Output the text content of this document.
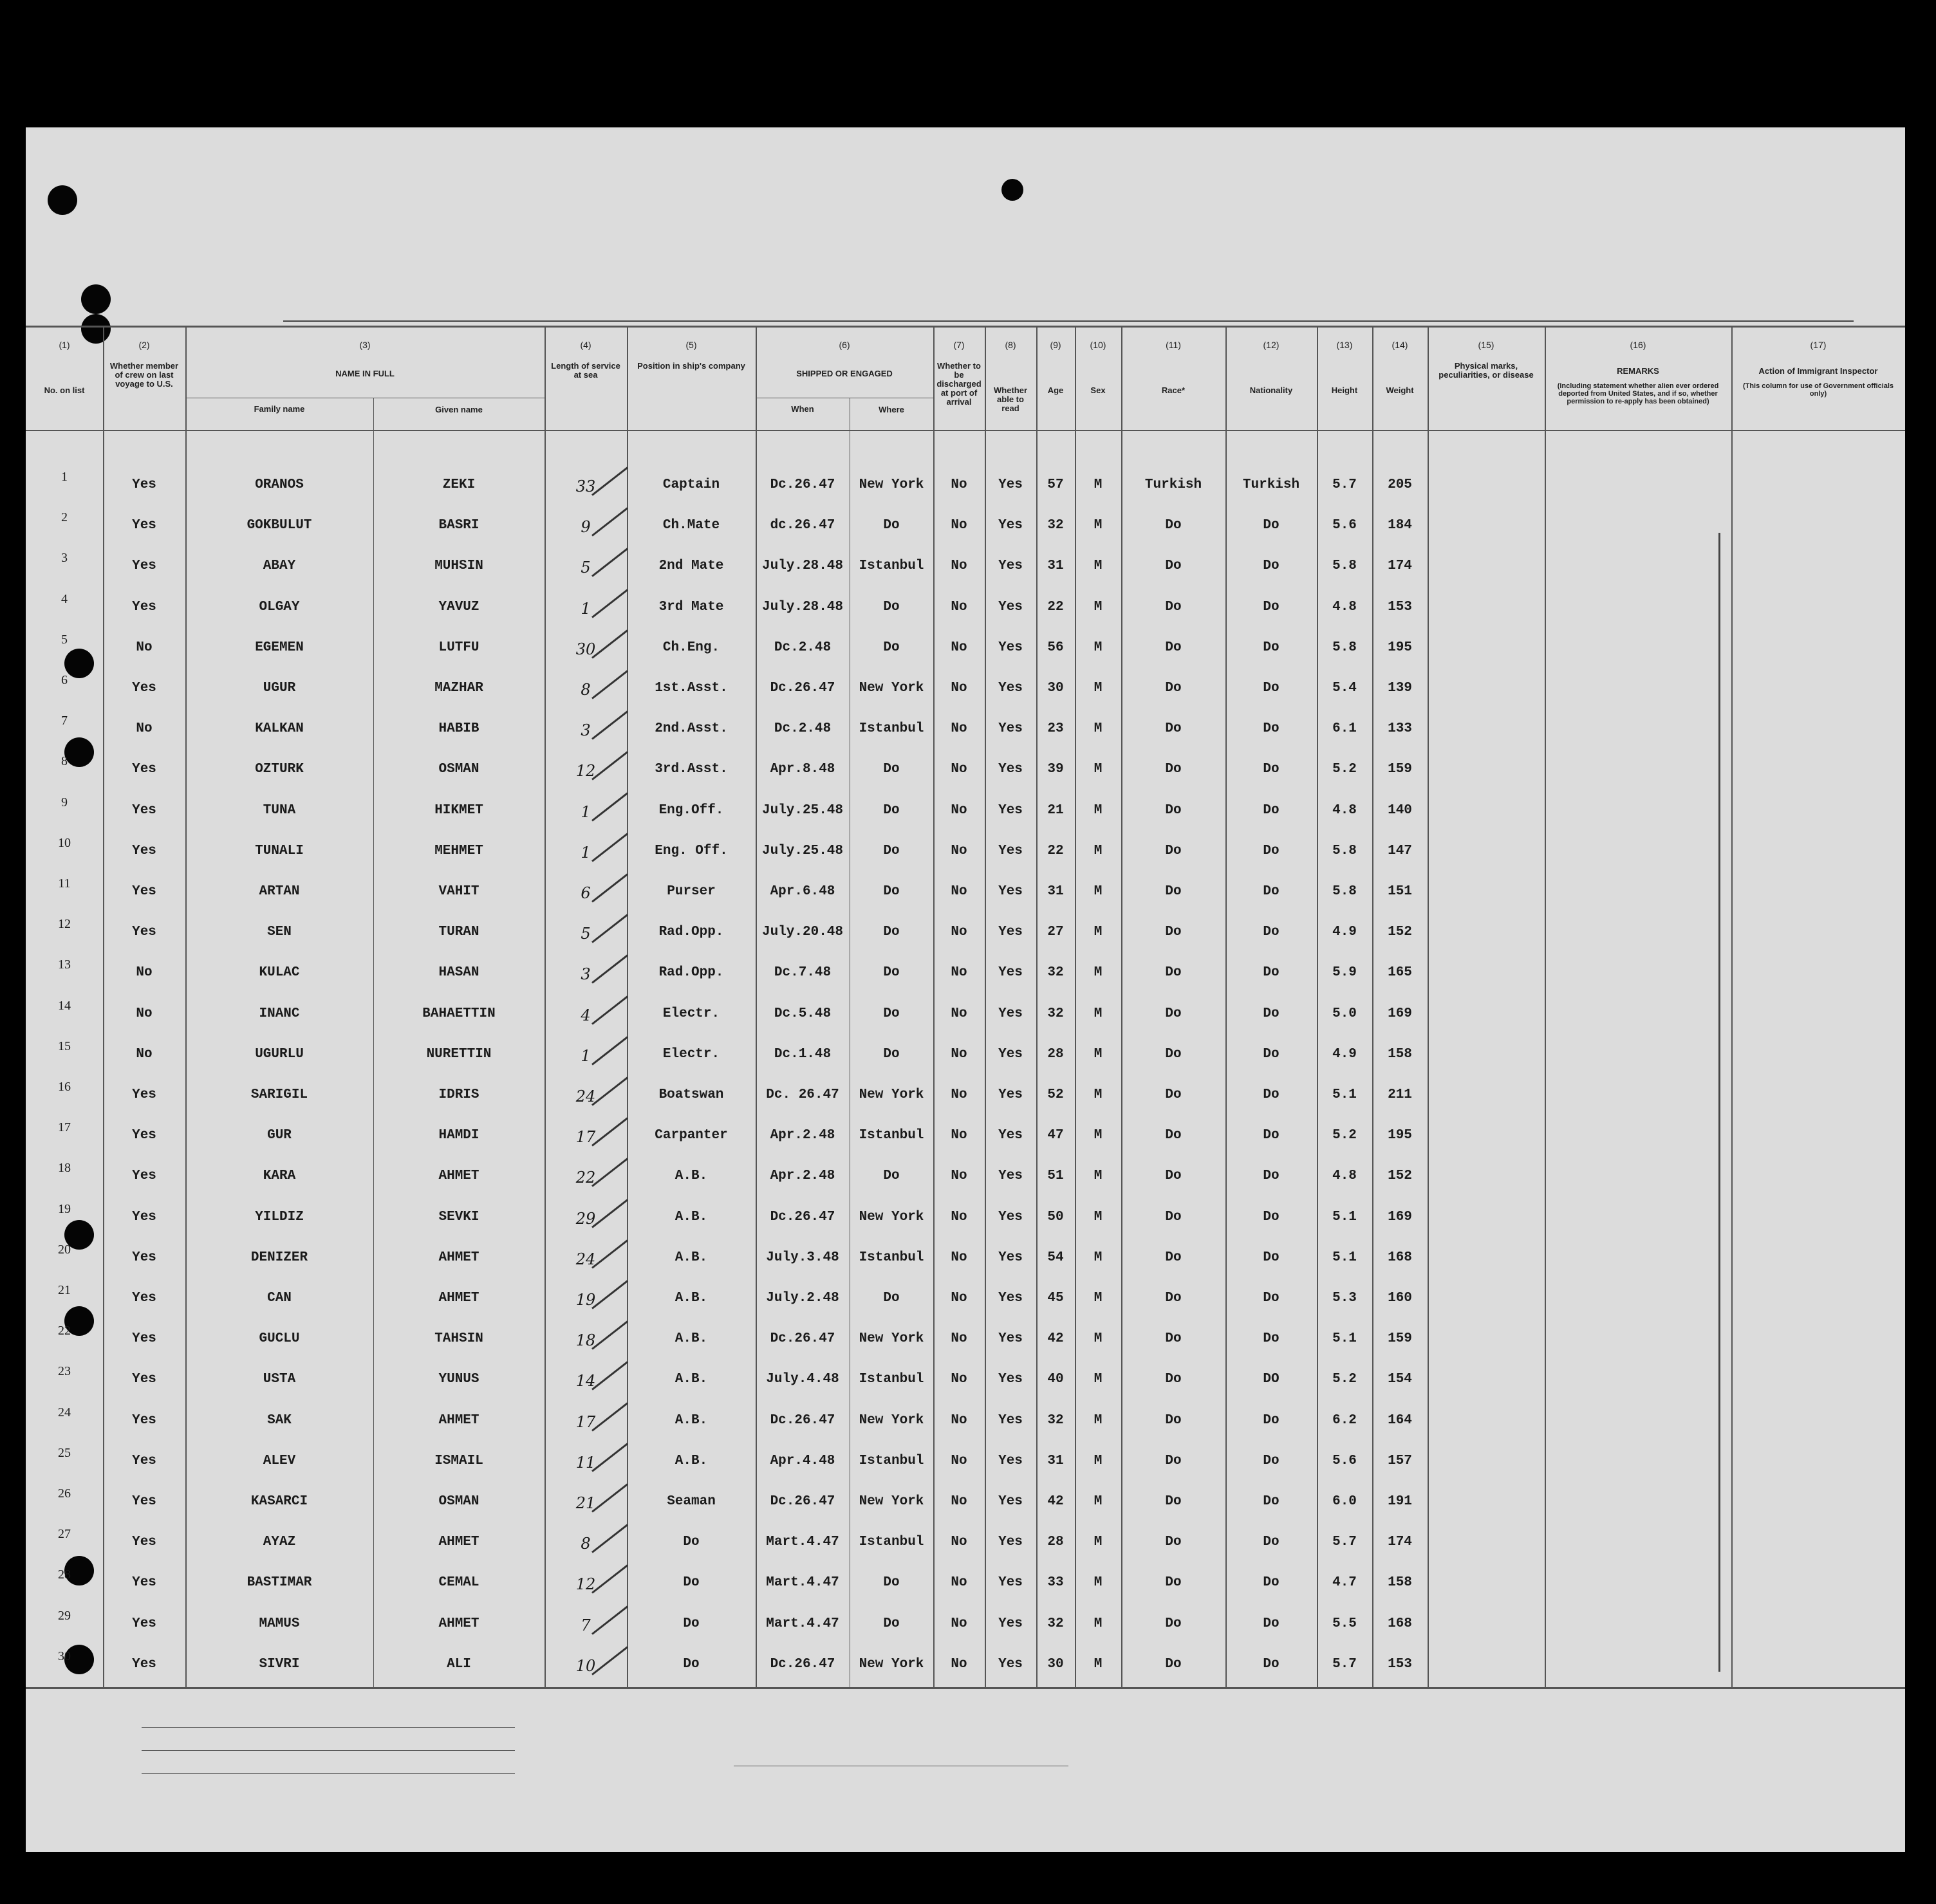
(1)
No. on list
(2)
Whether member of crew on last voyage to U.S.
(3)
NAME IN FULL
Given name
Family name
(4)
Length of service at sea
(5)
Position in ship's company
(6)
SHIPPED OR ENGAGED
Where
When
(7)
Whether to be discharged at port of arrival
(8)
Whether able to read
(9)
Age
(10)
Sex
(11)
Race*
(12)
Nationality
(13)
Height
(14)
Weight
(15)
Physical marks, peculiarities, or disease
(16)
REMARKS
(Including statement whether alien ever ordered deported from United States, and if so, whether permission to re-apply has been obtained)
(17)
Action of Immigrant Inspector
(This column for use of Government officials only)
1
Yes	ORANOS	ZEKI	33	Captain	Dc.26.47	New York	No	Yes	57	M	Turkish	Turkish	5.7	205
2
Yes	GOKBULUT	BASRI	9	Ch.Mate	dc.26.47	Do	No	Yes	32	M	Do	Do	5.6	184
3
Yes	ABAY	MUHSIN	5	2nd Mate	July.28.48	Istanbul	No	Yes	31	M	Do	Do	5.8	174
4
Yes	OLGAY	YAVUZ	1	3rd Mate	July.28.48	Do	No	Yes	22	M	Do	Do	4.8	153
5
No	EGEMEN	LUTFU	30	Ch.Eng.	Dc.2.48	Do	No	Yes	56	M	Do	Do	5.8	195
6
Yes	UGUR	MAZHAR	8	1st.Asst.	Dc.26.47	New York	No	Yes	30	M	Do	Do	5.4	139
7
No	KALKAN	HABIB	3	2nd.Asst.	Dc.2.48	Istanbul	No	Yes	23	M	Do	Do	6.1	133
8
Yes	OZTURK	OSMAN	12	3rd.Asst.	Apr.8.48	Do	No	Yes	39	M	Do	Do	5.2	159
9
Yes	TUNA	HIKMET	1	Eng.Off.	July.25.48	Do	No	Yes	21	M	Do	Do	4.8	140
10
Yes	TUNALI	MEHMET	1	Eng. Off.	July.25.48	Do	No	Yes	22	M	Do	Do	5.8	147
11
Yes	ARTAN	VAHIT	6	Purser	Apr.6.48	Do	No	Yes	31	M	Do	Do	5.8	151
12
Yes	SEN	TURAN	5	Rad.Opp.	July.20.48	Do	No	Yes	27	M	Do	Do	4.9	152
13
No	KULAC	HASAN	3	Rad.Opp.	Dc.7.48	Do	No	Yes	32	M	Do	Do	5.9	165
14
No	INANC	BAHAETTIN	4	Electr.	Dc.5.48	Do	No	Yes	32	M	Do	Do	5.0	169
15
No	UGURLU	NURETTIN	1	Electr.	Dc.1.48	Do	No	Yes	28	M	Do	Do	4.9	158
16
Yes	SARIGIL	IDRIS	24	Boatswan	Dc. 26.47	New York	No	Yes	52	M	Do	Do	5.1	211
17
Yes	GUR	HAMDI	17	Carpanter	Apr.2.48	Istanbul	No	Yes	47	M	Do	Do	5.2	195
18
Yes	KARA	AHMET	22	A.B.	Apr.2.48	Do	No	Yes	51	M	Do	Do	4.8	152
19
Yes	YILDIZ	SEVKI	29	A.B.	Dc.26.47	New York	No	Yes	50	M	Do	Do	5.1	169
20
Yes	DENIZER	AHMET	24	A.B.	July.3.48	Istanbul	No	Yes	54	M	Do	Do	5.1	168
21
Yes	CAN	AHMET	19	A.B.	July.2.48	Do	No	Yes	45	M	Do	Do	5.3	160
22
Yes	GUCLU	TAHSIN	18	A.B.	Dc.26.47	New York	No	Yes	42	M	Do	Do	5.1	159
23
Yes	USTA	YUNUS	14	A.B.	July.4.48	Istanbul	No	Yes	40	M	Do	DO	5.2	154
24
Yes	SAK	AHMET	17	A.B.	Dc.26.47	New York	No	Yes	32	M	Do	Do	6.2	164
25
Yes	ALEV	ISMAIL	11	A.B.	Apr.4.48	Istanbul	No	Yes	31	M	Do	Do	5.6	157
26
Yes	KASARCI	OSMAN	21	Seaman	Dc.26.47	New York	No	Yes	42	M	Do	Do	6.0	191
27
Yes	AYAZ	AHMET	8	Do	Mart.4.47	Istanbul	No	Yes	28	M	Do	Do	5.7	174
28
Yes	BASTIMAR	CEMAL	12	Do	Mart.4.47	Do	No	Yes	33	M	Do	Do	4.7	158
29
Yes	MAMUS	AHMET	7	Do	Mart.4.47	Do	No	Yes	32	M	Do	Do	5.5	168
30
Yes	SIVRI	ALI	10	Do	Dc.26.47	New York	No	Yes	30	M	Do	Do	5.7	153
